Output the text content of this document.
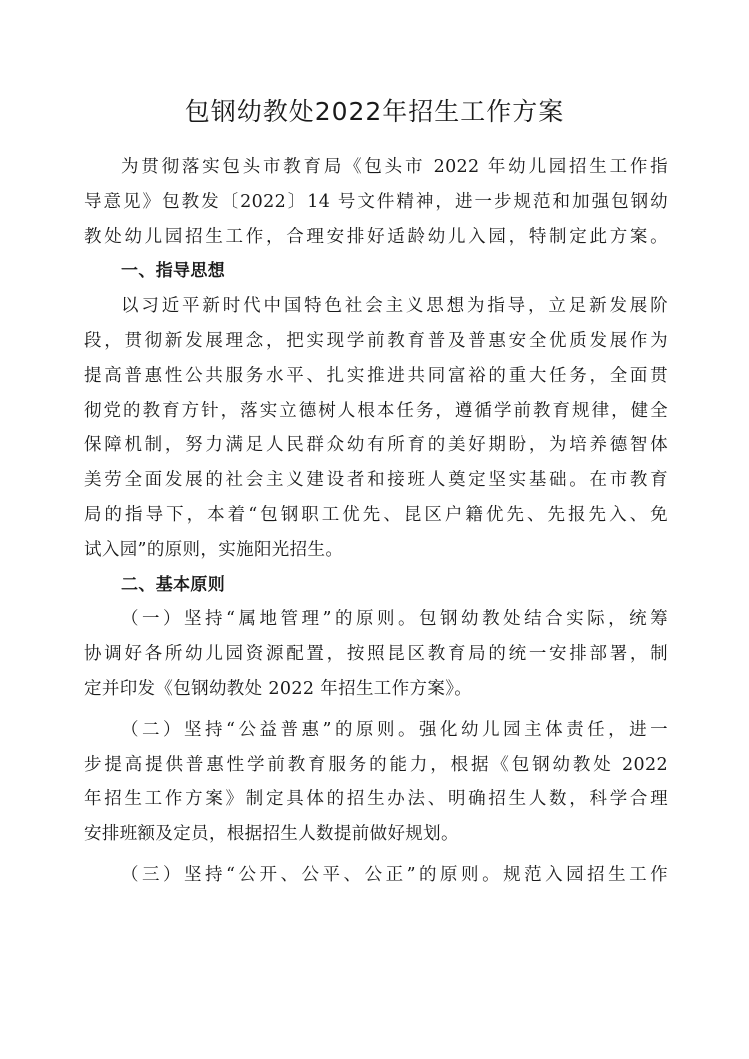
包钢幼教处2022年招生工作方案
为贯彻落实包头市教育局《包头市 2022 年幼儿园招生工作指
导意见》包教发〔2022〕14 号文件精神，进一步规范和加强包钢幼
教处幼儿园招生工作，合理安排好适龄幼儿入园，特制定此方案。
一、指导思想
以习近平新时代中国特色社会主义思想为指导，立足新发展阶
段，贯彻新发展理念，把实现学前教育普及普惠安全优质发展作为
提高普惠性公共服务水平、扎实推进共同富裕的重大任务，全面贯
彻党的教育方针，落实立德树人根本任务，遵循学前教育规律，健全
保障机制，努力满足人民群众幼有所育的美好期盼，为培养德智体
美劳全面发展的社会主义建设者和接班人奠定坚实基础。在市教育
局的指导下，本着“包钢职工优先、昆区户籍优先、先报先入、免
试入园”的原则，实施阳光招生。
二、基本原则
（一）坚持“属地管理”的原则。包钢幼教处结合实际，统筹
协调好各所幼儿园资源配置，按照昆区教育局的统一安排部署，制
定并印发《包钢幼教处 2022 年招生工作方案》。
（二）坚持“公益普惠”的原则。强化幼儿园主体责任，进一
步提高提供普惠性学前教育服务的能力，根据《包钢幼教处 2022
年招生工作方案》制定具体的招生办法、明确招生人数，科学合理
安排班额及定员，根据招生人数提前做好规划。
（三）坚持“公开、公平、公正”的原则。规范入园招生工作
